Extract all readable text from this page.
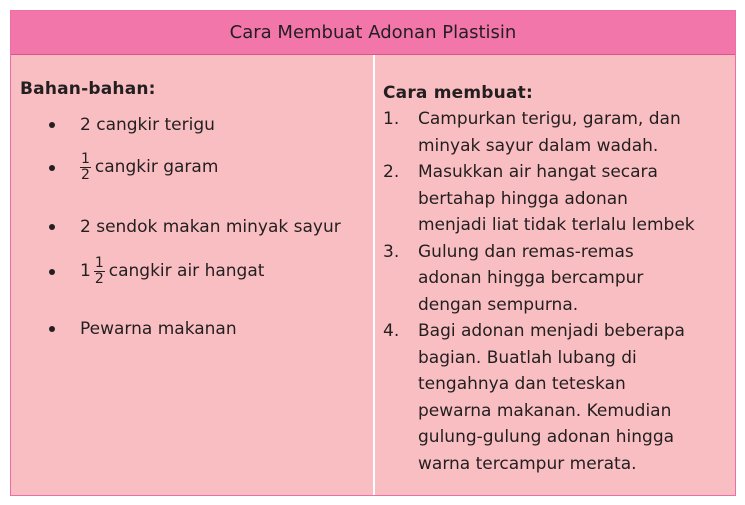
Cara Membuat Adonan Plastisin
Bahan-bahan:
2 cangkir terigu
$\frac{1}{2}$ cangkir garam
2 sendok makan minyak sayur
$1 \frac{1}{2}$ cangkir air hangat
Pewarna makanan
Cara membuat:
1. Campurkan terigu, garam, dan
minyak sayur dalam wadah.
2. Masukkan air hangat secara
bertahap hingga adonan
menjadi liat tidak terlalu lembek
3. Gulung dan remas-remas
adonan hingga bercampur
dengan sempurna.
4. Bagi adonan menjadi beberapa
bagian. Buatlah lubang di
tengahnya dan teteskan
pewarna makanan. Kemudian
gulung-gulung adonan hingga
warna tercampur merata.
